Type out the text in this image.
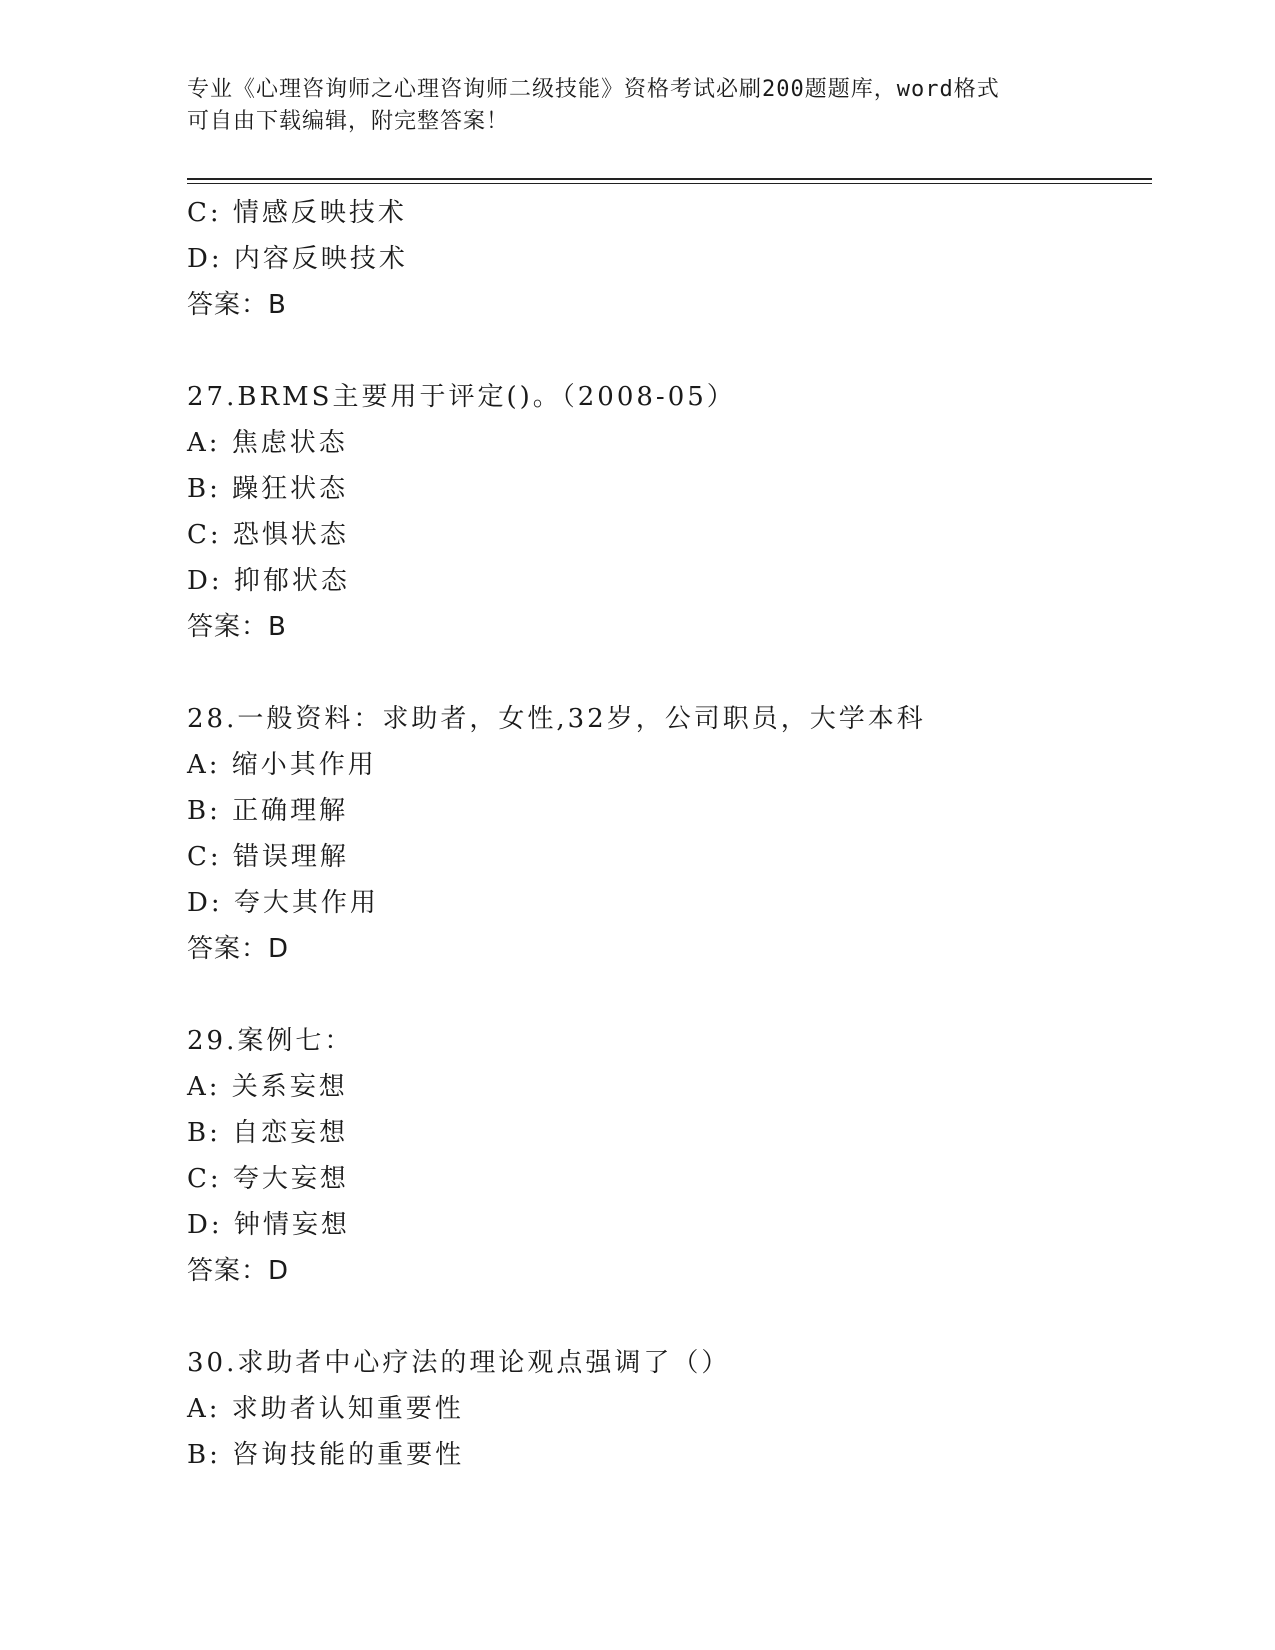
专业《心理咨询师之心理咨询师二级技能》资格考试必刷200题题库，word格式
可自由下载编辑，附完整答案！
C: 情感反映技术
D: 内容反映技术
答案：B
27.BRMS主要用于评定()。（2008-05）
A: 焦虑状态
B: 躁狂状态
C: 恐惧状态
D: 抑郁状态
答案：B
28.一般资料：求助者，女性,32岁，公司职员，大学本科
A: 缩小其作用
B: 正确理解
C: 错误理解
D: 夸大其作用
答案：D
29.案例七：
A: 关系妄想
B: 自恋妄想
C: 夸大妄想
D: 钟情妄想
答案：D
30.求助者中心疗法的理论观点强调了（）
A: 求助者认知重要性
B: 咨询技能的重要性
